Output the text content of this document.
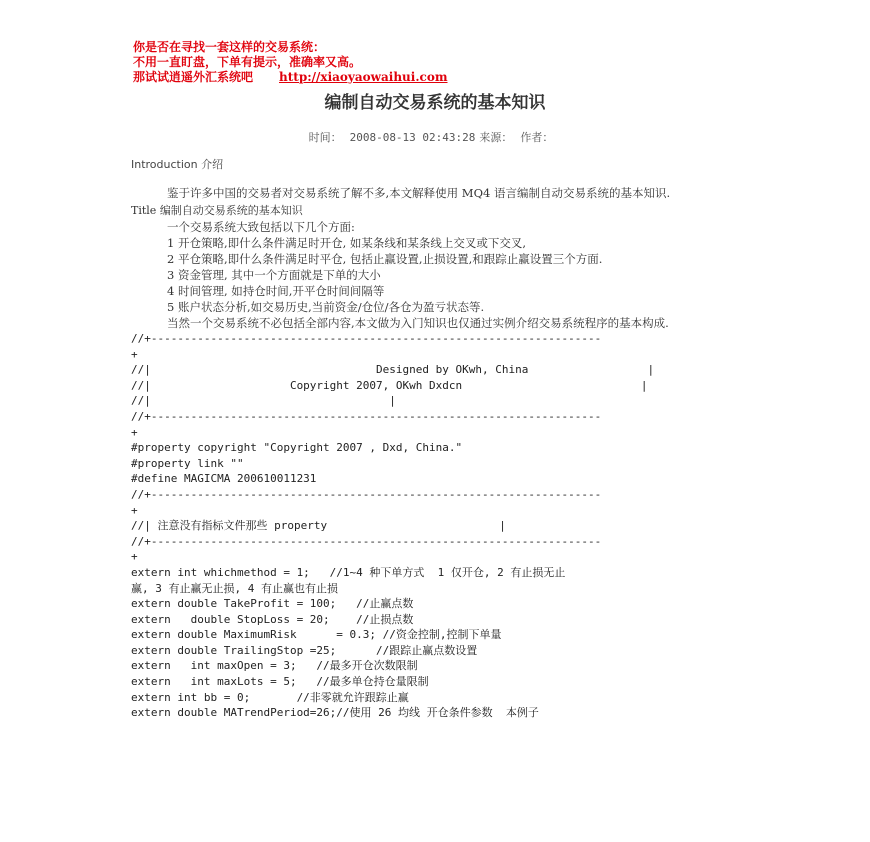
你是否在寻找一套这样的交易系统：
不用一直盯盘，下单有提示，准确率又高。
那试试逍遥外汇系统吧 http://xiaoyaowaihui.com
编制自动交易系统的基本知识
时间： 2008-08-13 02:43:28 来源： 作者：
Introduction 介绍

鉴于许多中国的交易者对交易系统了解不多,本文解释使用 MQ4 语言编制自动交易系统的基本知识.

Title 编制自动交易系统的基本知识
一个交易系统大致包括以下几个方面:
1 开仓策略,即什么条件满足时开仓, 如某条线和某条线上交叉或下交叉,
2 平仓策略,即什么条件满足时平仓, 包括止赢设置,止损设置,和跟踪止赢设置三个方面.
3 资金管理, 其中一个方面就是下单的大小
4 时间管理, 如持仓时间,开平仓时间间隔等
5 账户状态分析,如交易历史,当前资金/仓位/各仓为盈亏状态等.
当然一个交易系统不必包括全部内容,本文做为入门知识也仅通过实例介绍交易系统程序的基本构成.
//+--------------------------------------------------------------------
+
//|                                  Designed by OKwh, China                  |
//|                     Copyright 2007, OKwh Dxdcn                           |
//|                                    |
//+--------------------------------------------------------------------
+
#property copyright "Copyright 2007 , Dxd, China."
#property link ""
#define MAGICMA 200610011231
//+--------------------------------------------------------------------
+
//| 注意没有指标文件那些 property                          |
//+--------------------------------------------------------------------
+
extern int whichmethod = 1;   //1~4 种下单方式  1 仅开仓, 2 有止损无止
赢, 3 有止赢无止损, 4 有止赢也有止损
extern double TakeProfit = 100;   //止赢点数
extern   double StopLoss = 20;    //止损点数
extern double MaximumRisk      = 0.3; //资金控制,控制下单量
extern double TrailingStop =25;      //跟踪止赢点数设置
extern   int maxOpen = 3;   //最多开仓次数限制
extern   int maxLots = 5;   //最多单仓持仓量限制
extern int bb = 0;       //非零就允许跟踪止赢
extern double MATrendPeriod=26;//使用 26 均线 开仓条件参数  本例子
